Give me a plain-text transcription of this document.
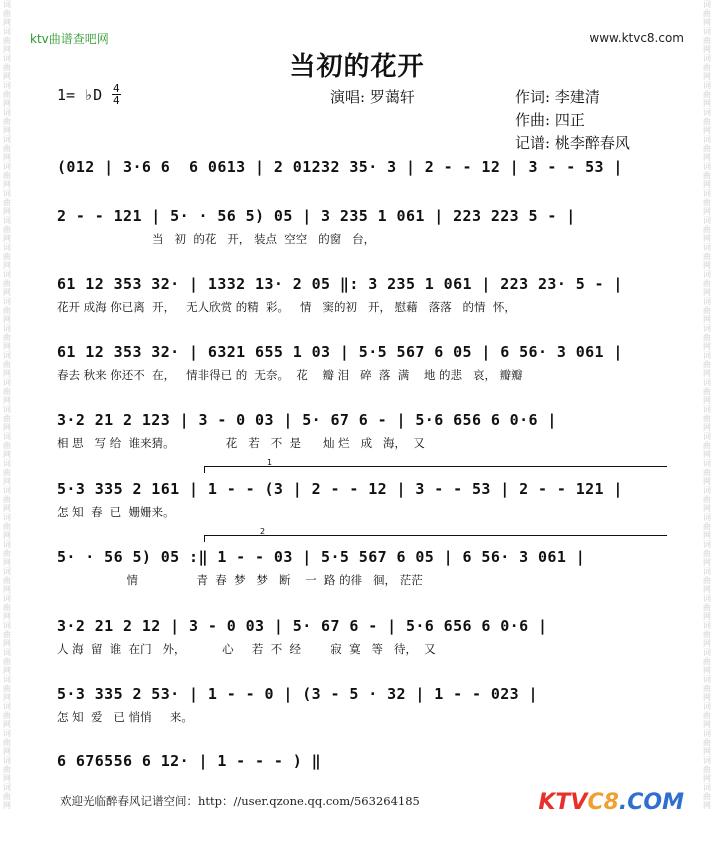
词曲网词曲网词曲网词曲网词曲网词曲网词曲网词曲网词曲网词曲网词曲网词曲网词曲网词曲网词曲网词曲网词曲网词曲网词曲网词曲网词曲网词曲网词曲网词曲网词曲网词曲网词曲网词曲网词曲网词曲网
词曲网词曲网词曲网词曲网词曲网词曲网词曲网词曲网词曲网词曲网词曲网词曲网词曲网词曲网词曲网词曲网词曲网词曲网词曲网词曲网词曲网词曲网词曲网词曲网词曲网词曲网词曲网词曲网词曲网词曲网
ktv曲谱查吧网	www.ktvc8.com
当初的花开
1= ♭D $\frac{4}{4}$	演唱: 罗蔼轩	作词: 李建清
作曲: 四正
记谱: 桃李醉春风
(012 | 3·6 6  6 0613 | 2 01232 35· 3 | 2 - - 12 | 3 - - 53 |
2 - - 121 | 5· · 56 5) 05 | 3 235 1 061 | 223 223 5 - |
当   初  的花   开， 装点  空空   的窗   台，
61 12 353 32· | 1332 13· 2 05 ‖: 3 235 1 061 | 223 23· 5 - |
花开 成海 你已离  开，   无人欣赏 的精  彩。   情   窦的初   开， 慰藉   落落   的情  怀，
61 12 353 32· | 6321 655 1 03 | 5·5 567 6 05 | 6 56· 3 061 |
春去 秋来 你还不  在，   情非得已 的  无奈。  花    瓣 泪   碎  落  满    地 的悲   哀， 瓣瓣
3·2 21 2 123 | 3 - 0 03 | 5· 67 6 - | 5·6 656 6 0·6 |
相 思   写 给  谁来猜。              花   若   不  是      灿 烂   成   海，  又
1
5·3 335 2 161 | 1 - - (3 | 2 - - 12 | 3 - - 53 | 2 - - 121 |
怎 知  春  已  姗姗来。
2
5· · 56 5) 05 :‖ 1 - - 03 | 5·5 567 6 05 | 6 56· 3 061 |
情                青  春  梦   梦   断    一  路 的徘   徊， 茫茫
3·2 21 2 12 | 3 - 0 03 | 5· 67 6 - | 5·6 656 6 0·6 |
人 海  留  谁  在门   外，          心     若  不  经        寂  寞   等   待，  又
5·3 335 2 53· | 1 - - 0 | (3 - 5 · 32 | 1 - - 023 |
怎 知  爱   已 悄悄     来。
6 676556 6 12· | 1 - - - ) ‖
欢迎光临醉春风记谱空间：http：//user.qzone.qq.com/563264185	KTVC8.COM
